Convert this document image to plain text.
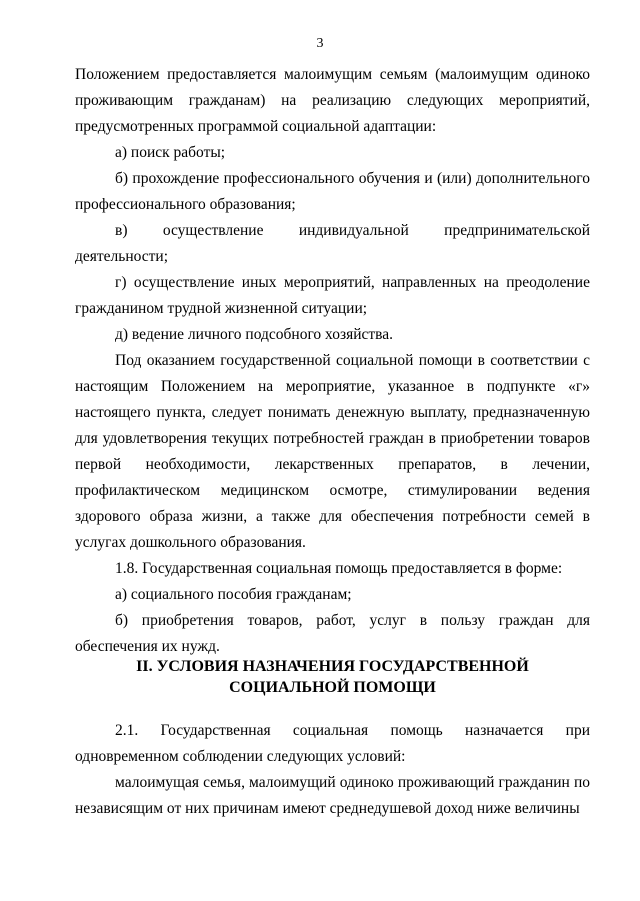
3

Положением предоставляется малоимущим семьям (малоимущим одиноко проживающим гражданам) на реализацию следующих мероприятий, предусмотренных программой социальной адаптации:

а) поиск работы;

б) прохождение профессионального обучения и (или) дополнительного профессионального образования;

в) осуществление индивидуальной предпринимательской деятельности;

г) осуществление иных мероприятий, направленных на преодоление гражданином трудной жизненной ситуации;

д) ведение личного подсобного хозяйства.

Под оказанием государственной социальной помощи в соответствии с настоящим Положением на мероприятие, указанное в подпункте «г» настоящего пункта, следует понимать денежную выплату, предназначенную для удовлетворения текущих потребностей граждан в приобретении товаров первой необходимости, лекарственных препаратов, в лечении, профилактическом медицинском осмотре, стимулировании ведения здорового образа жизни, а также для обеспечения потребности семей в услугах дошкольного образования.

1.8. Государственная социальная помощь предоставляется в форме:

а) социального пособия гражданам;

б) приобретения товаров, работ, услуг в пользу граждан для обеспечения их нужд.

II. УСЛОВИЯ НАЗНАЧЕНИЯ ГОСУДАРСТВЕННОЙ
СОЦИАЛЬНОЙ ПОМОЩИ

2.1. Государственная социальная помощь назначается при одновременном соблюдении следующих условий:

малоимущая семья, малоимущий одиноко проживающий гражданин по независящим от них причинам имеют среднедушевой доход ниже величины
